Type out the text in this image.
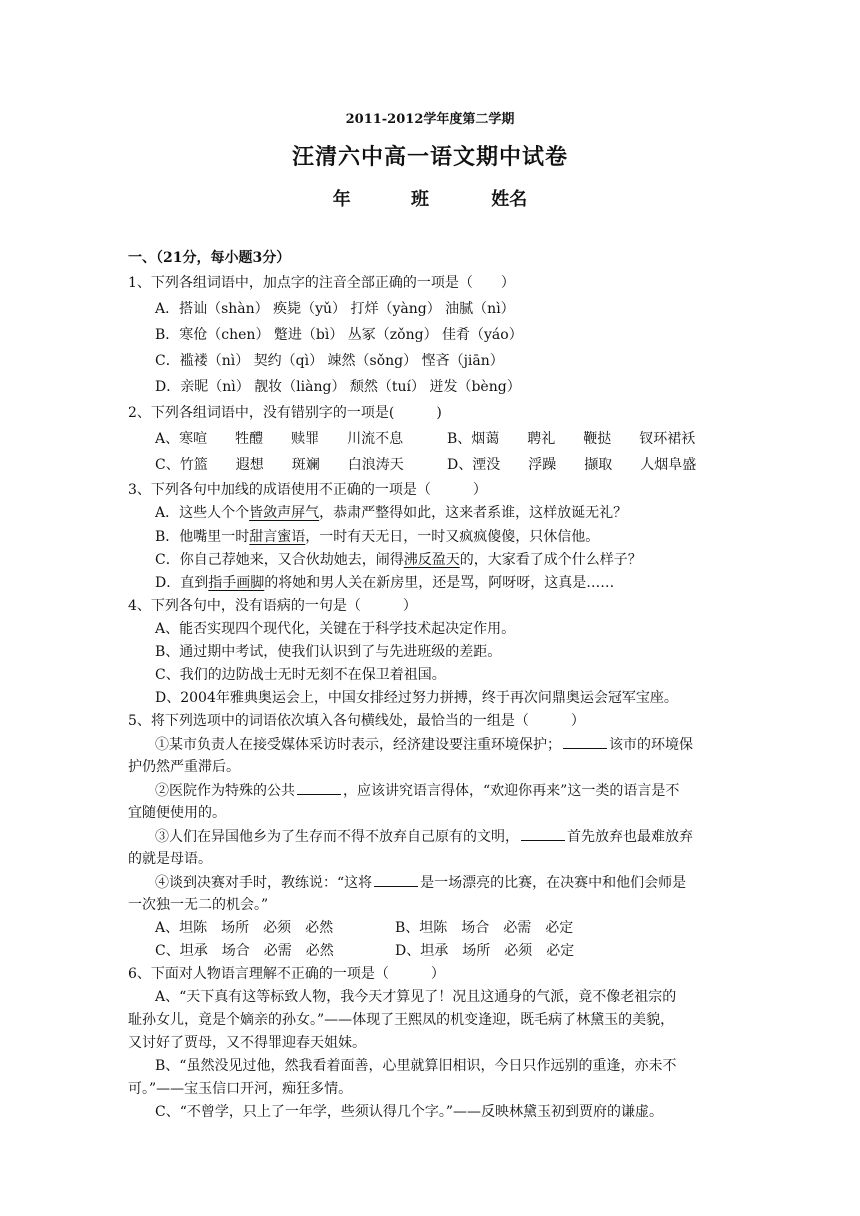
2011-2012学年度第二学期
汪清六中高一语文期中试卷
年	班	姓名
一、（21分，每小题3分）
1、下列各组词语中，加点字的注音全部正确的一项是（　　）
A．搭讪（shàn） 痪毙（yǔ） 打烊（yàng） 油腻（nì）
B．寒伧（chen） 蹩进（bì） 丛冢（zǒng） 佳肴（yáo）
C．褴褛（nì） 契约（qì） 竦然（sǒng） 悭吝（jiān）
D．亲昵（nì） 靓妆（liàng） 颓然（tuí） 迸发（bèng）
2、下列各组词语中，没有错别字的一项是(　　　)
A、寒喧　　牲醴　　赎罪　　川流不息	B、烟蔼　　聘礼　　鞭挞　　钗环裙袄
C、竹篮　　遐想　　斑斓　　白浪涛天	D、湮没　　浮躁　　撷取　　人烟阜盛
3、下列各句中加线的成语使用不正确的一项是（　　　）
A．这些人个个皆敛声屏气，恭肃严整得如此，这来者系谁，这样放诞无礼？
B．他嘴里一时甜言蜜语，一时有天无日，一时又疯疯傻傻，只休信他。
C．你自己荐她来，又合伙劫她去，闹得沸反盈天的，大家看了成个什么样子？
D．直到指手画脚的将她和男人关在新房里，还是骂，阿呀呀，这真是……
4、下列各句中，没有语病的一句是（　　　）
A、能否实现四个现代化，关键在于科学技术起决定作用。
B、通过期中考试，使我们认识到了与先进班级的差距。
C、我们的边防战士无时无刻不在保卫着祖国。
D、2004年雅典奥运会上，中国女排经过努力拼搏，终于再次问鼎奥运会冠军宝座。
5、将下列选项中的词语依次填入各句横线处，最恰当的一组是（　　　）
①某市负责人在接受媒体采访时表示，经济建设要注重环境保护；	该市的环境保
护仍然严重滞后。
②医院作为特殊的公共	，应该讲究语言得体，“欢迎你再来”这一类的语言是不
宜随便使用的。
③人们在异国他乡为了生存而不得不放弃自己原有的文明，	首先放弃也最难放弃
的就是母语。
④谈到决赛对手时，教练说：“这将	是一场漂亮的比赛，在决赛中和他们会师是
一次独一无二的机会。”
A、坦陈　场所　必须　必然	B、坦陈　场合　必需　必定
C、坦承　场合　必需　必然	D、坦承　场所　必须　必定
6、下面对人物语言理解不正确的一项是（　　　）
A、“天下真有这等标致人物，我今天才算见了！况且这通身的气派，竟不像老祖宗的
耻孙女儿，竟是个嫡亲的孙女。”——体现了王熙凤的机变逢迎，既毛病了林黛玉的美貌，
又讨好了贾母，又不得罪迎春天姐妹。
B、“虽然没见过他，然我看着面善，心里就算旧相识，今日只作远别的重逢，亦未不
可。”——宝玉信口开河，痴狂多情。
C、“不曾学，只上了一年学，些须认得几个字。”——反映林黛玉初到贾府的谦虚。
